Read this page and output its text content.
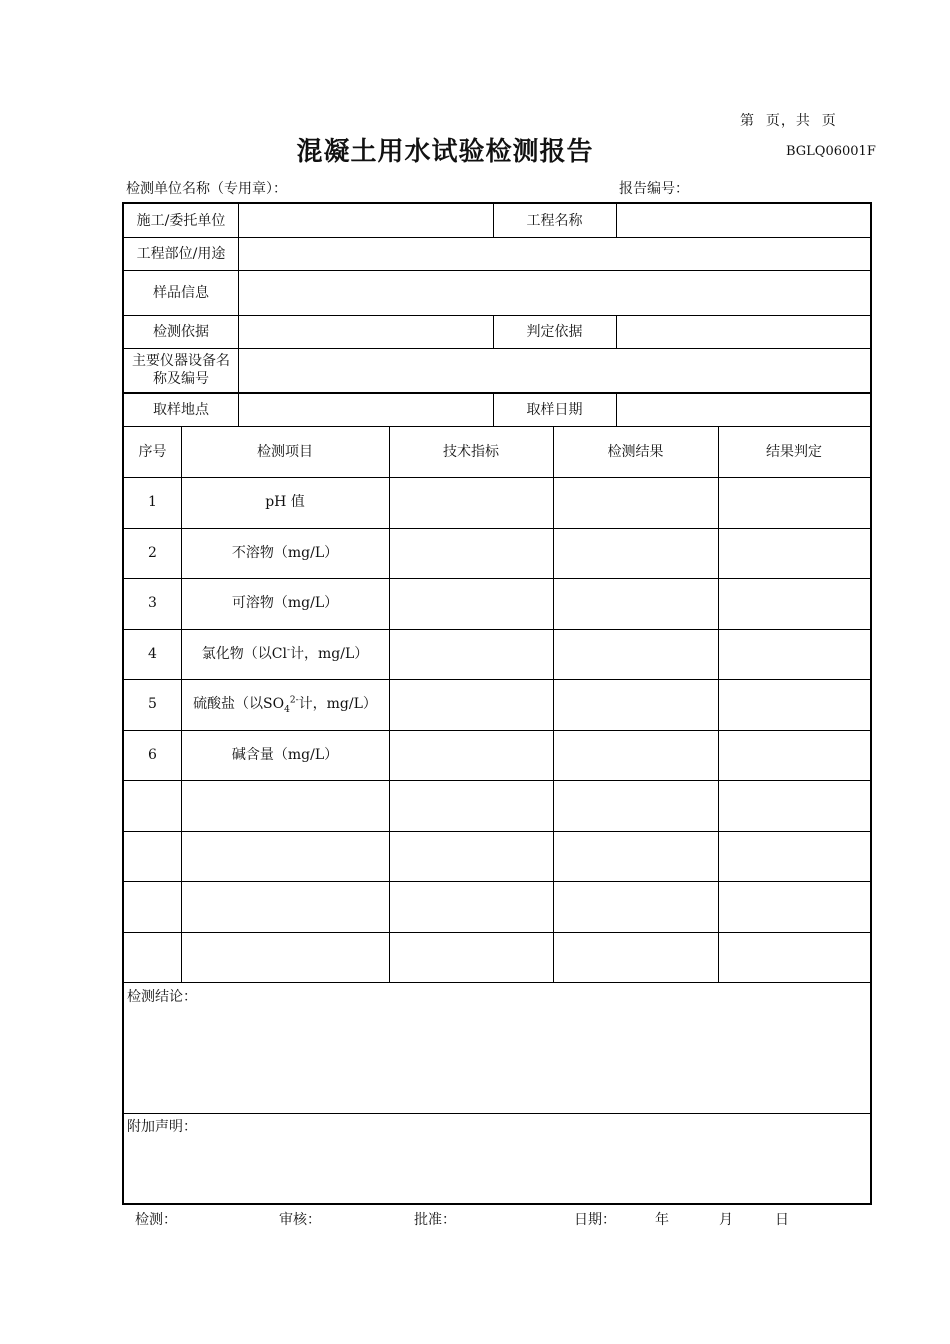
第  页，共  页
混凝土用水试验检测报告	BGLQ06001F
检测单位名称（专用章）：	报告编号：
施工/委托单位	工程名称
工程部位/用途
样品信息
检测依据	判定依据
主要仪器设备名称及编号
取样地点	取样日期
序号	检测项目	技术指标	检测结果	结果判定
1	pH 值
2	不溶物（mg/L）
3	可溶物（mg/L）
4	氯化物（以Cl-计，mg/L）
5	硫酸盐（以$SO_4^{2-}$计，mg/L）
6	碱含量（mg/L）
检测结论：
附加声明：
检测：	审核：	批准：	日期：	年	月	日
